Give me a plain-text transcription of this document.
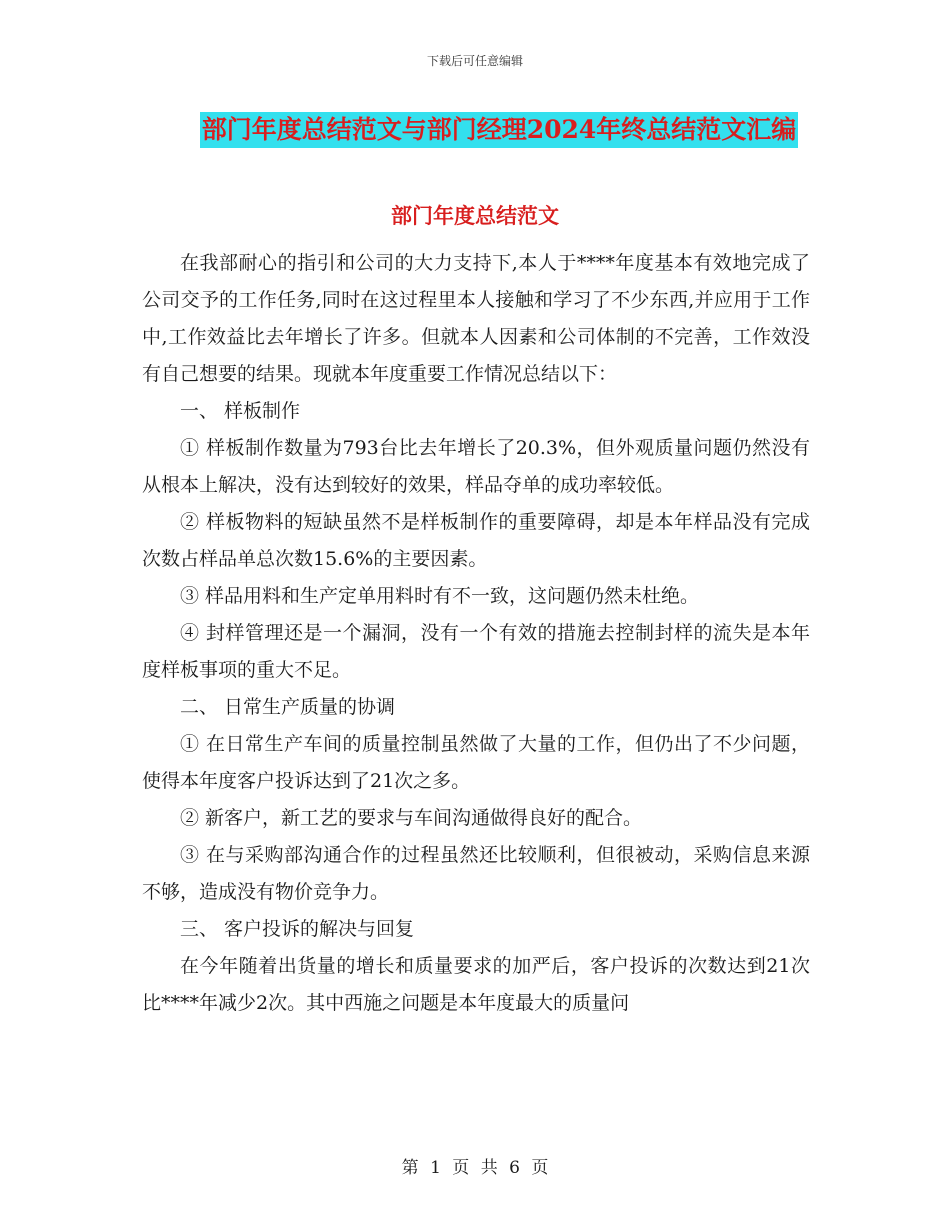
下载后可任意编辑
部门年度总结范文与部门经理2024年终总结范文汇编
部门年度总结范文

在我部耐心的指引和公司的大力支持下,本人于****年度基本有效地完成了公司交予的工作任务,同时在这过程里本人接触和学习了不少东西,并应用于工作中,工作效益比去年增长了许多。但就本人因素和公司体制的不完善，工作效没有自己想要的结果。现就本年度重要工作情况总结以下：

一、 样板制作

① 样板制作数量为793台比去年增长了20.3%，但外观质量问题仍然没有从根本上解决，没有达到较好的效果，样品夺单的成功率较低。

② 样板物料的短缺虽然不是样板制作的重要障碍，却是本年样品没有完成次数占样品单总次数15.6%的主要因素。

③ 样品用料和生产定单用料时有不一致，这问题仍然未杜绝。

④ 封样管理还是一个漏洞，没有一个有效的措施去控制封样的流失是本年度样板事项的重大不足。

二、 日常生产质量的协调

① 在日常生产车间的质量控制虽然做了大量的工作，但仍出了不少问题，使得本年度客户投诉达到了21次之多。

② 新客户，新工艺的要求与车间沟通做得良好的配合。

③ 在与采购部沟通合作的过程虽然还比较顺利，但很被动，采购信息来源不够，造成没有物价竞争力。

三、 客户投诉的解决与回复

在今年随着出货量的增长和质量要求的加严后，客户投诉的次数达到21次比****年减少2次。其中西施之问题是本年度最大的质量问

第 1 页 共 6 页
